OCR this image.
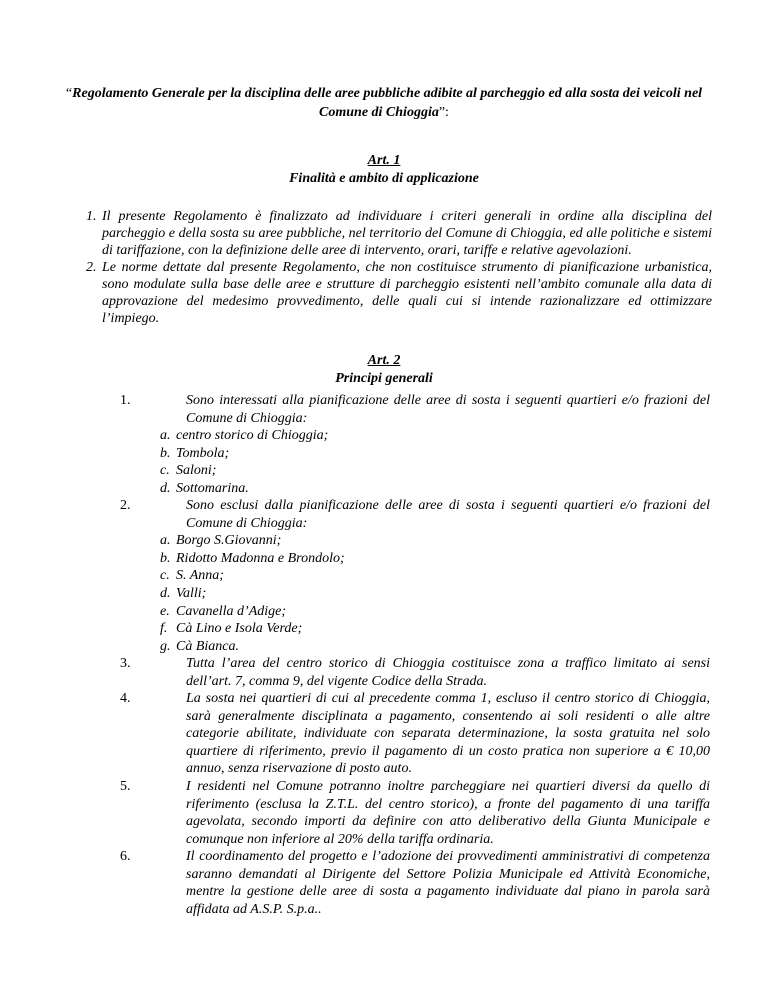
“Regolamento Generale per la disciplina delle aree pubbliche adibite al parcheggio ed alla sosta dei veicoli nel Comune di Chioggia”:
Art. 1
Finalità e ambito di applicazione
1. Il presente Regolamento è finalizzato ad individuare i criteri generali in ordine alla disciplina del parcheggio e della sosta su aree pubbliche, nel territorio del Comune di Chioggia, ed alle politiche e sistemi di tariffazione, con la definizione delle aree di intervento, orari, tariffe e relative agevolazioni.
2. Le norme dettate dal presente Regolamento, che non costituisce strumento di pianificazione urbanistica, sono modulate sulla base delle aree e strutture di parcheggio esistenti nell’ambito comunale alla data di approvazione del medesimo provvedimento, delle quali cui si intende razionalizzare ed ottimizzare l’impiego.
Art. 2
Principi generali
1.	Sono interessati alla pianificazione delle aree di sosta i seguenti quartieri e/o frazioni del Comune di Chioggia:
a. centro storico di Chioggia;
b. Tombola;
c. Saloni;
d. Sottomarina.
2.	Sono esclusi dalla pianificazione delle aree di sosta i seguenti quartieri e/o frazioni del Comune di Chioggia:
a. Borgo S.Giovanni;
b. Ridotto Madonna e Brondolo;
c. S. Anna;
d. Valli;
e. Cavanella d’Adige;
f. Cà Lino e Isola Verde;
g. Cà Bianca.
3.	Tutta l’area del centro storico di Chioggia costituisce zona a traffico limitato ai sensi dell’art. 7, comma 9, del vigente Codice della Strada.
4.	La sosta nei quartieri di cui al precedente comma 1, escluso il centro storico di Chioggia, sarà generalmente disciplinata a pagamento, consentendo ai soli residenti o alle altre categorie abilitate, individuate con separata determinazione, la sosta gratuita nel solo quartiere di riferimento, previo il pagamento di un costo pratica non superiore a € 10,00 annuo, senza riservazione di posto auto.
5.	I residenti nel Comune potranno inoltre parcheggiare nei quartieri diversi da quello di riferimento (esclusa la Z.T.L. del centro storico), a fronte del pagamento di una tariffa agevolata, secondo importi da definire con atto deliberativo della Giunta Municipale e comunque non inferiore al 20% della tariffa ordinaria.
6.	Il coordinamento del progetto e l’adozione dei provvedimenti amministrativi di competenza saranno demandati al Dirigente del Settore Polizia Municipale ed Attività Economiche, mentre la gestione delle aree di sosta a pagamento individuate dal piano in parola sarà affidata ad A.S.P. S.p.a..
